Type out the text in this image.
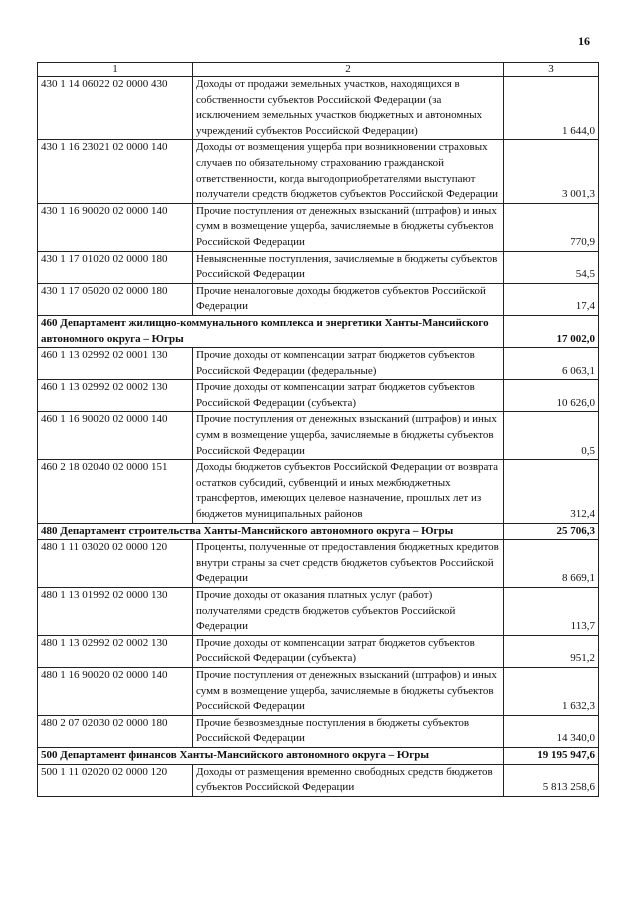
16
1	2	3
430 1 14 06022 02 0000 430	Доходы от продажи земельных участков, находящихся в собственности субъектов Российской Федерации (за исключением земельных участков бюджетных и автономных учреждений субъектов Российской Федерации)	1 644,0
430 1 16 23021 02 0000 140	Доходы от возмещения ущерба при возникновении страховых случаев по обязательному страхованию гражданской ответственности, когда выгодоприобретателями выступают получатели средств бюджетов субъектов Российской Федерации	3 001,3
430 1 16 90020 02 0000 140	Прочие поступления от денежных взысканий (штрафов) и иных сумм в возмещение ущерба, зачисляемые в бюджеты субъектов Российской Федерации	770,9
430 1 17 01020 02 0000 180	Невыясненные поступления, зачисляемые в бюджеты субъектов Российской Федерации	54,5
430 1 17 05020 02 0000 180	Прочие неналоговые доходы бюджетов субъектов Российской Федерации	17,4
460 Департамент жилищно-коммунального комплекса и энергетики Ханты-Мансийского автономного округа – Югры		17 002,0
460 1 13 02992 02 0001 130	Прочие доходы от компенсации затрат бюджетов субъектов Российской Федерации (федеральные)	6 063,1
460 1 13 02992 02 0002 130	Прочие доходы от компенсации затрат бюджетов субъектов Российской Федерации (субъекта)	10 626,0
460 1 16 90020 02 0000 140	Прочие поступления от денежных взысканий (штрафов) и иных сумм в возмещение ущерба, зачисляемые в бюджеты субъектов Российской Федерации	0,5
460 2 18 02040 02 0000 151	Доходы бюджетов субъектов Российской Федерации от возврата остатков субсидий, субвенций и иных межбюджетных трансфертов, имеющих целевое назначение, прошлых лет из бюджетов муниципальных районов	312,4
480 Департамент строительства Ханты-Мансийского автономного округа – Югры		25 706,3
480 1 11 03020 02 0000 120	Проценты, полученные от предоставления бюджетных кредитов внутри страны за счет средств бюджетов субъектов Российской Федерации	8 669,1
480 1 13 01992 02 0000 130	Прочие доходы от оказания платных услуг (работ) получателями средств бюджетов субъектов Российской Федерации	113,7
480 1 13 02992 02 0002 130	Прочие доходы от компенсации затрат бюджетов субъектов Российской Федерации (субъекта)	951,2
480 1 16 90020 02 0000 140	Прочие поступления от денежных взысканий (штрафов) и иных сумм в возмещение ущерба, зачисляемые в бюджеты субъектов Российской Федерации	1 632,3
480 2 07 02030 02 0000 180	Прочие безвозмездные поступления в бюджеты субъектов Российской Федерации	14 340,0
500 Департамент финансов Ханты-Мансийского автономного округа – Югры		19 195 947,6
500 1 11 02020 02 0000 120	Доходы от размещения временно свободных средств бюджетов субъектов Российской Федерации	5 813 258,6
